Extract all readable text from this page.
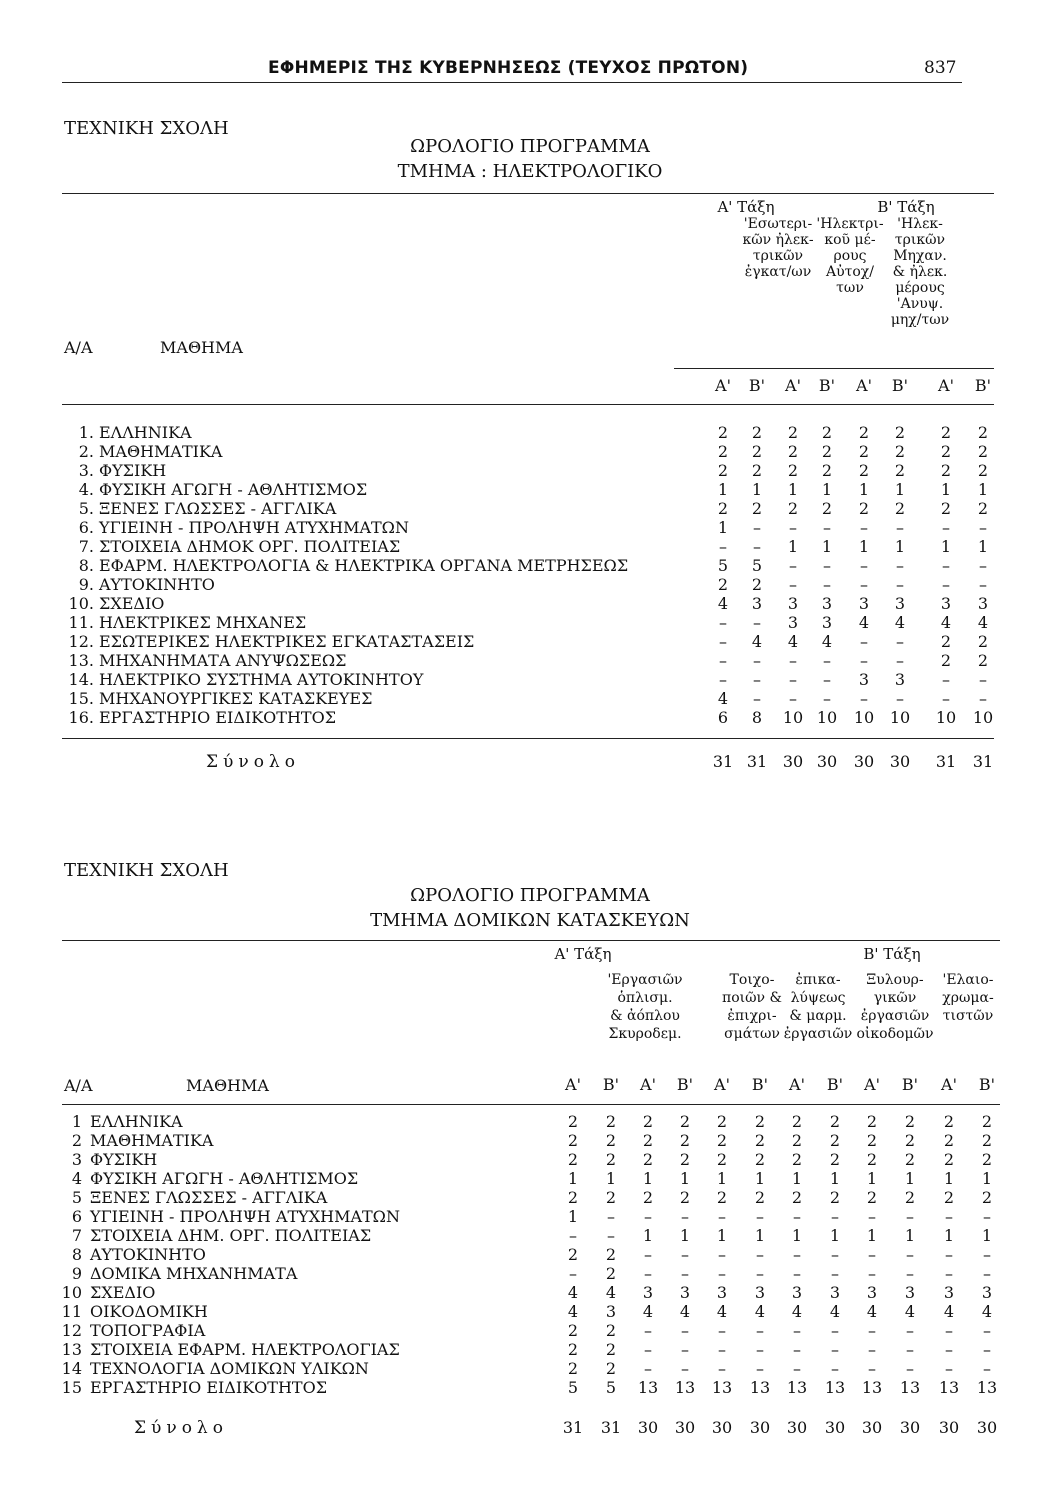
ΕΦΗΜΕΡΙΣ ΤΗΣ ΚΥΒΕΡΝΗΣΕΩΣ (ΤΕΥΧΟΣ ΠΡΩΤΟΝ)	837
ΤΕΧΝΙΚΗ ΣΧΟΛΗ
ΩΡΟΛΟΓΙΟ ΠΡΟΓΡΑΜΜΑ
ΤΜΗΜΑ : ΗΛΕΚΤΡΟΛΟΓΙΚΟ
Α' Τάξη	Β' Τάξη
'Εσωτερι-
κῶν ἠλεκ-
τρικῶν
ἐγκατ/ων
'Ηλεκτρι-
κοῦ μέ-
ρους
Αὐτοχ/
των
'Ηλεκ-
τρικῶν
Μηχαν.
& ἠλεκ.
μέρους
'Ανυψ.
μηχ/των
Α/Α	ΜΑΘΗΜΑ
Α' Β' Α' Β' Α' Β' Α' Β'
1. ΕΛΛΗΝΙΚΑ	2	2	2	2	2	2	2	2
2. ΜΑΘΗΜΑΤΙΚΑ	2	2	2	2	2	2	2	2
3. ΦΥΣΙΚΗ	2	2	2	2	2	2	2	2
4. ΦΥΣΙΚΗ ΑΓΩΓΗ - ΑΘΛΗΤΙΣΜΟΣ	1	1	1	1	1	1	1	1
5. ΞΕΝΕΣ ΓΛΩΣΣΕΣ - ΑΓΓΛΙΚΑ	2	2	2	2	2	2	2	2
6. ΥΓΙΕΙΝΗ - ΠΡΟΛΗΨΗ ΑΤΥΧΗΜΑΤΩΝ	1	–	–	–	–	–	–	–
7. ΣΤΟΙΧΕΙΑ ΔΗΜΟΚ ΟΡΓ. ΠΟΛΙΤΕΙΑΣ	–	–	1	1	1	1	1	1
8. ΕΦΑΡΜ. ΗΛΕΚΤΡΟΛΟΓΙΑ & ΗΛΕΚΤΡΙΚΑ ΟΡΓΑΝΑ ΜΕΤΡΗΣΕΩΣ	5	5	–	–	–	–	–	–
9. ΑΥΤΟΚΙΝΗΤΟ	2	2	–	–	–	–	–	–
10. ΣΧΕΔΙΟ	4	3	3	3	3	3	3	3
11. ΗΛΕΚΤΡΙΚΕΣ ΜΗΧΑΝΕΣ	–	–	3	3	4	4	4	4
12. ΕΣΩΤΕΡΙΚΕΣ ΗΛΕΚΤΡΙΚΕΣ ΕΓΚΑΤΑΣΤΑΣΕΙΣ	–	4	4	4	–	–	2	2
13. ΜΗΧΑΝΗΜΑΤΑ ΑΝΥΨΩΣΕΩΣ	–	–	–	–	–	–	2	2
14. ΗΛΕΚΤΡΙΚΟ ΣΥΣΤΗΜΑ ΑΥΤΟΚΙΝΗΤΟΥ	–	–	–	–	3	3	–	–
15. ΜΗΧΑΝΟΥΡΓΙΚΕΣ ΚΑΤΑΣΚΕΥΕΣ	4	–	–	–	–	–	–	–
16. ΕΡΓΑΣΤΗΡΙΟ ΕΙΔΙΚΟΤΗΤΟΣ	6	8	10 10 10 10 10 10
Σύνολο	31 31 30 30 30 30 31 31
ΤΕΧΝΙΚΗ ΣΧΟΛΗ
ΩΡΟΛΟΓΙΟ ΠΡΟΓΡΑΜΜΑ
ΤΜΗΜΑ ΔΟΜΙΚΩΝ ΚΑΤΑΣΚΕΥΩΝ
Α' Τάξη	Β' Τάξη
'Εργασιῶν
ὁπλισμ.
& ἀόπλου
Σκυροδεμ.
Τοιχο-
ποιῶν &
ἐπιχρι-
σμάτων
ἐπικα-
λύψεως
& μαρμ.
ἐργασιῶν
Ξυλουρ-
γικῶν
ἐργασιῶν
οἰκοδομῶν
'Ελαιο-
χρωμα-
τιστῶν
Α/Α	ΜΑΘΗΜΑ	Α' Β' Α' Β' Α' Β' Α' Β' Α' Β' Α' Β'
1 ΕΛΛΗΝΙΚΑ	2	2	2	2	2	2	2	2	2	2	2	2
2 ΜΑΘΗΜΑΤΙΚΑ	2	2	2	2	2	2	2	2	2	2	2	2
3 ΦΥΣΙΚΗ	2	2	2	2	2	2	2	2	2	2	2	2
4 ΦΥΣΙΚΗ ΑΓΩΓΗ - ΑΘΛΗΤΙΣΜΟΣ	1	1	1	1	1	1	1	1	1	1	1	1
5 ΞΕΝΕΣ ΓΛΩΣΣΕΣ - ΑΓΓΛΙΚΑ	2	2	2	2	2	2	2	2	2	2	2	2
6 ΥΓΙΕΙΝΗ - ΠΡΟΛΗΨΗ ΑΤΥΧΗΜΑΤΩΝ	1	–	–	–	–	–	–	–	–	–	–	–
7 ΣΤΟΙΧΕΙΑ ΔΗΜ. ΟΡΓ. ΠΟΛΙΤΕΙΑΣ	–	–	1	1	1	1	1	1	1	1	1	1
8 ΑΥΤΟΚΙΝΗΤΟ	2	2	–	–	–	–	–	–	–	–	–	–
9 ΔΟΜΙΚΑ ΜΗΧΑΝΗΜΑΤΑ	–	2	–	–	–	–	–	–	–	–	–	–
10 ΣΧΕΔΙΟ	4	4	3	3	3	3	3	3	3	3	3	3
11 ΟΙΚΟΔΟΜΙΚΗ	4	3	4	4	4	4	4	4	4	4	4	4
12 ΤΟΠΟΓΡΑΦΙΑ	2	2	–	–	–	–	–	–	–	–	–	–
13 ΣΤΟΙΧΕΙΑ ΕΦΑΡΜ. ΗΛΕΚΤΡΟΛΟΓΙΑΣ	2	2	–	–	–	–	–	–	–	–	–	–
14 ΤΕΧΝΟΛΟΓΙΑ ΔΟΜΙΚΩΝ ΥΛΙΚΩΝ	2	2	–	–	–	–	–	–	–	–	–	–
15 ΕΡΓΑΣΤΗΡΙΟ ΕΙΔΙΚΟΤΗΤΟΣ	5	5	13 13 13 13 13 13 13 13 13 13
Σύνολο	31 31 30 30 30 30 30 30 30 30 30 30
